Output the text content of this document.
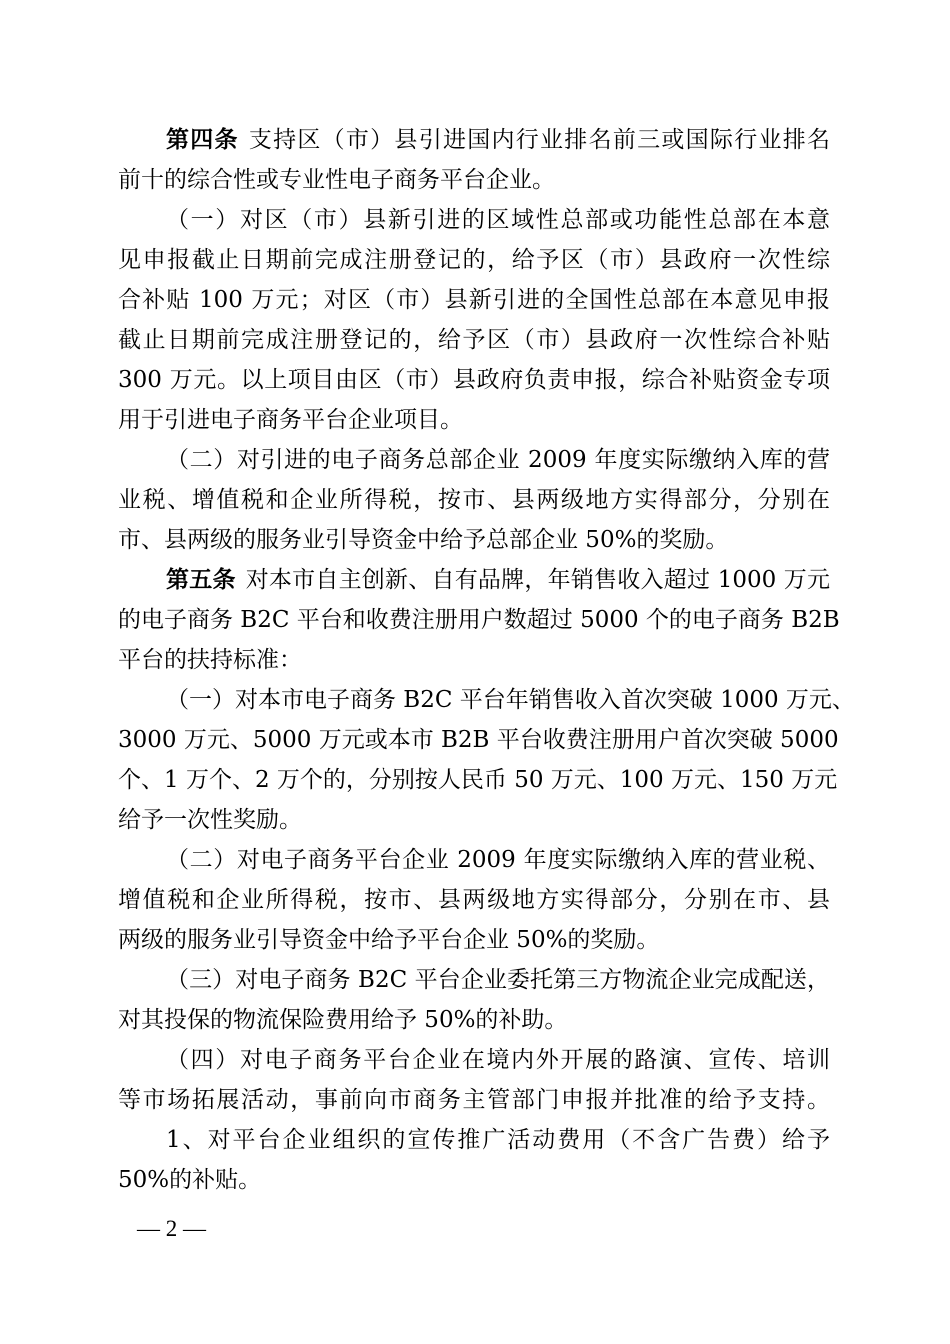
第四条 支持区（市）县引进国内行业排名前三或国际行业排名
前十的综合性或专业性电子商务平台企业。
（一）对区（市）县新引进的区域性总部或功能性总部在本意
见申报截止日期前完成注册登记的，给予区（市）县政府一次性综
合补贴 100 万元；对区（市）县新引进的全国性总部在本意见申报
截止日期前完成注册登记的，给予区（市）县政府一次性综合补贴
300 万元。以上项目由区（市）县政府负责申报，综合补贴资金专项
用于引进电子商务平台企业项目。
（二）对引进的电子商务总部企业 2009 年度实际缴纳入库的营
业税、增值税和企业所得税，按市、县两级地方实得部分，分别在
市、县两级的服务业引导资金中给予总部企业 50%的奖励。
第五条 对本市自主创新、自有品牌，年销售收入超过 1000 万元
的电子商务 B2C 平台和收费注册用户数超过 5000 个的电子商务 B2B
平台的扶持标准：
（一）对本市电子商务 B2C 平台年销售收入首次突破 1000 万元、
3000 万元、5000 万元或本市 B2B 平台收费注册用户首次突破 5000
个、1 万个、2 万个的，分别按人民币 50 万元、100 万元、150 万元
给予一次性奖励。
（二）对电子商务平台企业 2009 年度实际缴纳入库的营业税、
增值税和企业所得税，按市、县两级地方实得部分，分别在市、县
两级的服务业引导资金中给予平台企业 50%的奖励。
（三）对电子商务 B2C 平台企业委托第三方物流企业完成配送，
对其投保的物流保险费用给予 50%的补助。
（四）对电子商务平台企业在境内外开展的路演、宣传、培训
等市场拓展活动，事前向市商务主管部门申报并批准的给予支持。
1、对平台企业组织的宣传推广活动费用（不含广告费）给予
50%的补贴。
— 2 —
